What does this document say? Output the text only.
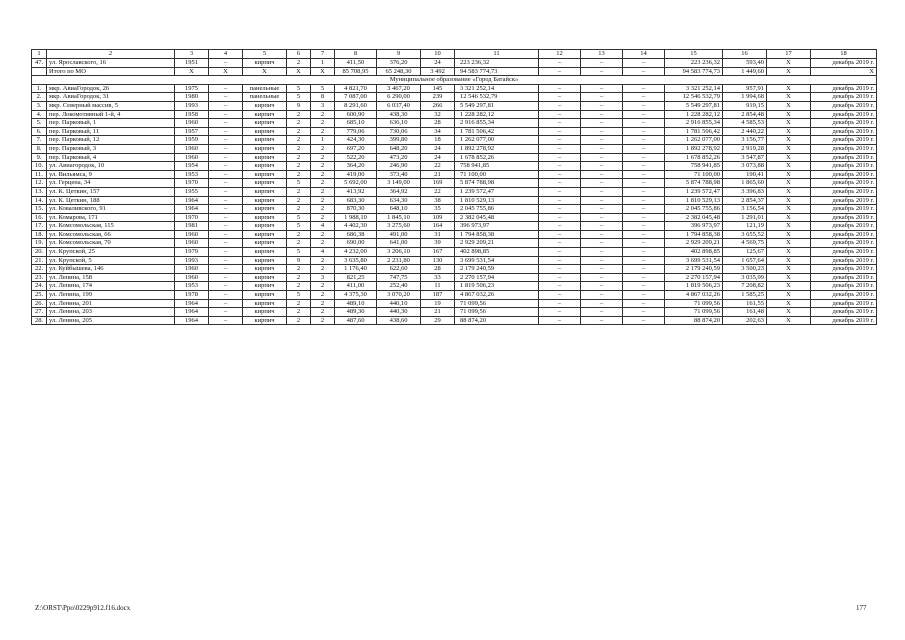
1	2	3	4	5	6	7	8	9	10	11	12	13	14	15	16	17	18
47.	ул. Ярославского, 16	1951	–	кирпич	2	1	411,50	376,20	24	223 236,32	–	–	–	223 236,32	593,40	X	декабрь 2019 г.
	Итого по МО	X	X	X	X	X	85 708,95	65 248,30	3 492	94 583 774,73	–	–	–	94 583 774,73	1 449,60	X	X
Муниципальное образование «Город Батайск»																	
1.	мкр. АвиаГородок, 26	1975	–	панельные	5	5	4 821,70	3 467,20	145	3 321 252,14	–	–	–	3 321 252,14	957,91	X	декабрь 2019 г.
2.	мкр. АвиаГородок, 31	1980	–	панельные	5	8	7 087,00	6 290,00	239	12 546 532,79	–	–	–	12 546 532,79	1 994,68	X	декабрь 2019 г.
3.	мкр. Северный массив, 5	1993	–	кирпич	9	3	8 291,60	6 037,40	266	5 549 297,81	–	–	–	5 549 297,81	919,15	X	декабрь 2019 г.
4.	пер. Локомотивный 1-й, 4	1958	–	кирпич	2	2	600,90	438,30	32	1 228 282,12	–	–	–	1 228 282,12	2 854,48	X	декабрь 2019 г.
5.	пер. Парковый, 1	1960	–	кирпич	2	2	685,10	636,10	28	2 916 855,34	–	–	–	2 916 855,34	4 585,53	X	декабрь 2019 г.
6.	пер. Парковый, 11	1957	–	кирпич	2	2	779,06	730,06	34	1 781 506,42	–	–	–	1 781 506,42	2 440,22	X	декабрь 2019 г.
7.	пер. Парковый, 12	1959	–	кирпич	2	1	424,30	399,80	18	1 262 077,00	–	–	–	1 262 077,00	3 156,77	X	декабрь 2019 г.
8.	пер. Парковый, 3	1960	–	кирпич	2	2	697,20	648,20	24	1 892 278,92	–	–	–	1 892 278,92	2 919,28	X	декабрь 2019 г.
9.	пер. Парковый, 4	1960	–	кирпич	2	2	522,20	473,20	24	1 678 852,26	–	–	–	1 678 852,26	3 547,87	X	декабрь 2019 г.
10.	ул. Авиагородок, 10	1954	–	кирпич	2	2	364,20	246,90	22	758 941,85	–	–	–	758 941,85	3 073,88	X	декабрь 2019 г.
11.	ул. Вильямса, 9	1953	–	кирпич	2	2	419,00	373,40	21	71 100,00	–	–	–	71 100,00	190,41	X	декабрь 2019 г.
12.	ул. Герцена, 34	1970	–	кирпич	5	2	5 692,00	3 149,00	169	5 874 788,98	–	–	–	5 874 788,98	1 865,60	X	декабрь 2019 г.
13.	ул. К. Цеткин, 157	1955	–	кирпич	2	2	413,92	364,92	22	1 239 572,47	–	–	–	1 239 572,47	3 396,83	X	декабрь 2019 г.
14.	ул. К. Цеткин, 188	1964	–	кирпич	2	2	683,30	634,30	38	1 810 529,13	–	–	–	1 810 529,13	2 854,37	X	декабрь 2019 г.
15.	ул. Коваливского, 91	1964	–	кирпич	2	2	870,30	648,10	35	2 045 755,86	–	–	–	2 045 755,86	3 156,54	X	декабрь 2019 г.
16.	ул. Комарова, 171	1970	–	кирпич	5	2	1 988,10	1 845,10	109	2 382 045,48	–	–	–	2 382 045,48	1 291,01	X	декабрь 2019 г.
17.	ул. Комсомольская, 115	1981	–	кирпич	5	4	4 402,30	3 275,60	164	396 973,97	–	–	–	396 973,97	121,19	X	декабрь 2019 г.
18.	ул. Комсомольская, 66	1960	–	кирпич	2	2	686,38	491,00	31	1 794 858,38	–	–	–	1 794 858,38	3 655,52	X	декабрь 2019 г.
19.	ул. Комсомольская, 70	1960	–	кирпич	2	2	690,00	641,00	39	2 929 209,21	–	–	–	2 929 209,21	4 569,75	X	декабрь 2019 г.
20.	ул. Крупской, 25	1979	–	кирпич	5	4	4 232,00	3 206,10	167	402 898,85	–	–	–	402 898,85	125,67	X	декабрь 2019 г.
21.	ул. Крупской, 5	1993	–	кирпич	9	2	3 635,80	2 231,80	130	3 699 531,54	–	–	–	3 699 531,54	1 657,64	X	декабрь 2019 г.
22.	ул. Куйбышева, 146	1960	–	кирпич	2	2	1 176,40	622,60	28	2 179 240,59	–	–	–	2 179 240,59	3 500,23	X	декабрь 2019 г.
23.	ул. Ленина, 158	1960	–	кирпич	2	3	821,25	747,75	33	2 270 157,94	–	–	–	2 270 157,94	3 035,99	X	декабрь 2019 г.
24.	ул. Ленина, 174	1953	–	кирпич	2	2	411,00	252,40	11	1 819 506,23	–	–	–	1 819 506,23	7 208,82	X	декабрь 2019 г.
25.	ул. Ленина, 199	1978	–	кирпич	5	2	4 375,30	3 070,20	187	4 867 032,26	–	–	–	4 867 032,26	1 585,25	X	декабрь 2019 г.
26.	ул. Ленина, 201	1964	–	кирпич	2	2	489,10	440,10	19	71 099,56	–	–	–	71 099,56	161,55	X	декабрь 2019 г.
27.	ул. Ленина, 203	1964	–	кирпич	2	2	489,30	440,30	21	71 099,56	–	–	–	71 099,56	161,48	X	декабрь 2019 г.
28.	ул. Ленина, 205	1964	–	кирпич	2	2	487,60	438,60	29	88 874,20	–	–	–	88 874,20	202,63	X	декабрь 2019 г.
Z:\ORST\Ppo\0229p912.f16.docx	177
